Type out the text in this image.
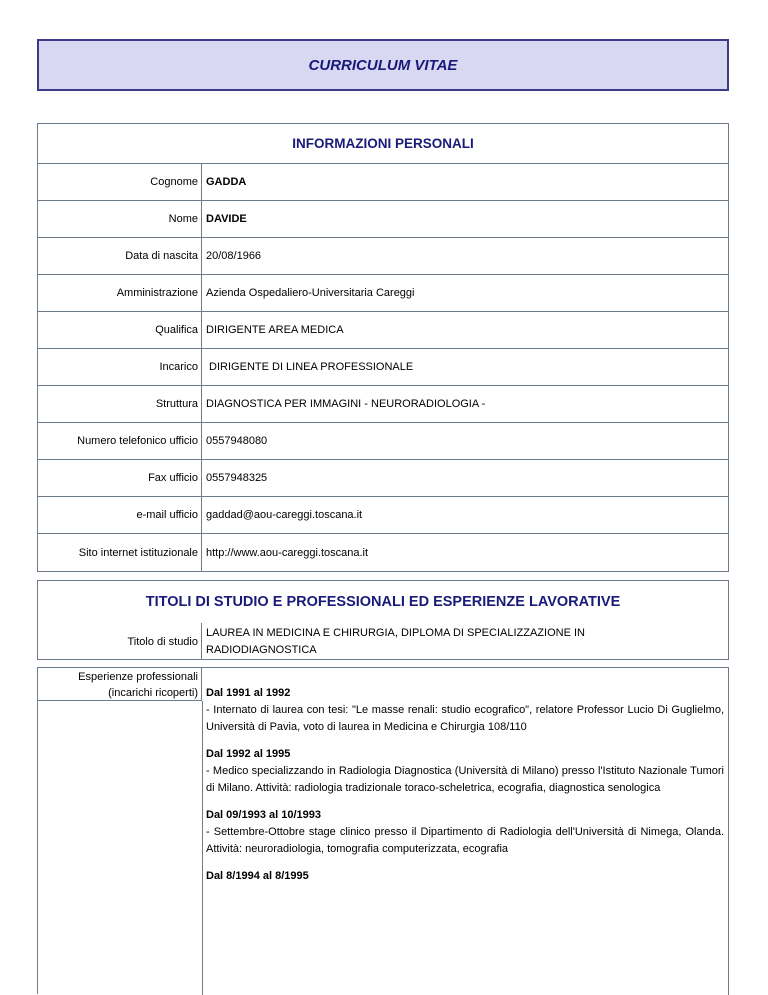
CURRICULUM VITAE
INFORMAZIONI PERSONALI
Cognome GADDA
Nome DAVIDE
Data di nascita 20/08/1966
Amministrazione Azienda Ospedaliero-Universitaria Careggi
Qualifica DIRIGENTE AREA MEDICA
Incarico DIRIGENTE DI LINEA PROFESSIONALE
Struttura DIAGNOSTICA PER IMMAGINI - NEURORADIOLOGIA -
Numero telefonico ufficio 0557948080
Fax ufficio 0557948325
e-mail ufficio gaddad@aou-careggi.toscana.it
Sito internet istituzionale http://www.aou-careggi.toscana.it
TITOLI DI STUDIO E PROFESSIONALI ED ESPERIENZE LAVORATIVE
Titolo di studio
LAUREA IN MEDICINA E CHIRURGIA, DIPLOMA DI SPECIALIZZAZIONE IN
RADIODIAGNOSTICA
Esperienze professionali
(incarichi ricoperti) Dal 1991 al 1992
- Internato di laurea con tesi: "Le masse renali: studio ecografico", relatore Professor Lucio Di Guglielmo, Università di Pavia, voto di laurea in Medicina e Chirurgia 108/110
Dal 1992 al 1995
- Medico specializzando in Radiologia Diagnostica (Università di Milano) presso l'Istituto Nazionale Tumori di Milano. Attività: radiologia tradizionale toraco-scheletrica, ecografia, diagnostica senologica
Dal 09/1993 al 10/1993
- Settembre-Ottobre stage clinico presso il Dipartimento di Radiologia dell'Università di Nimega, Olanda. Attività: neuroradiologia, tomografia computerizzata, ecografia
Dal 8/1994 al 8/1995
